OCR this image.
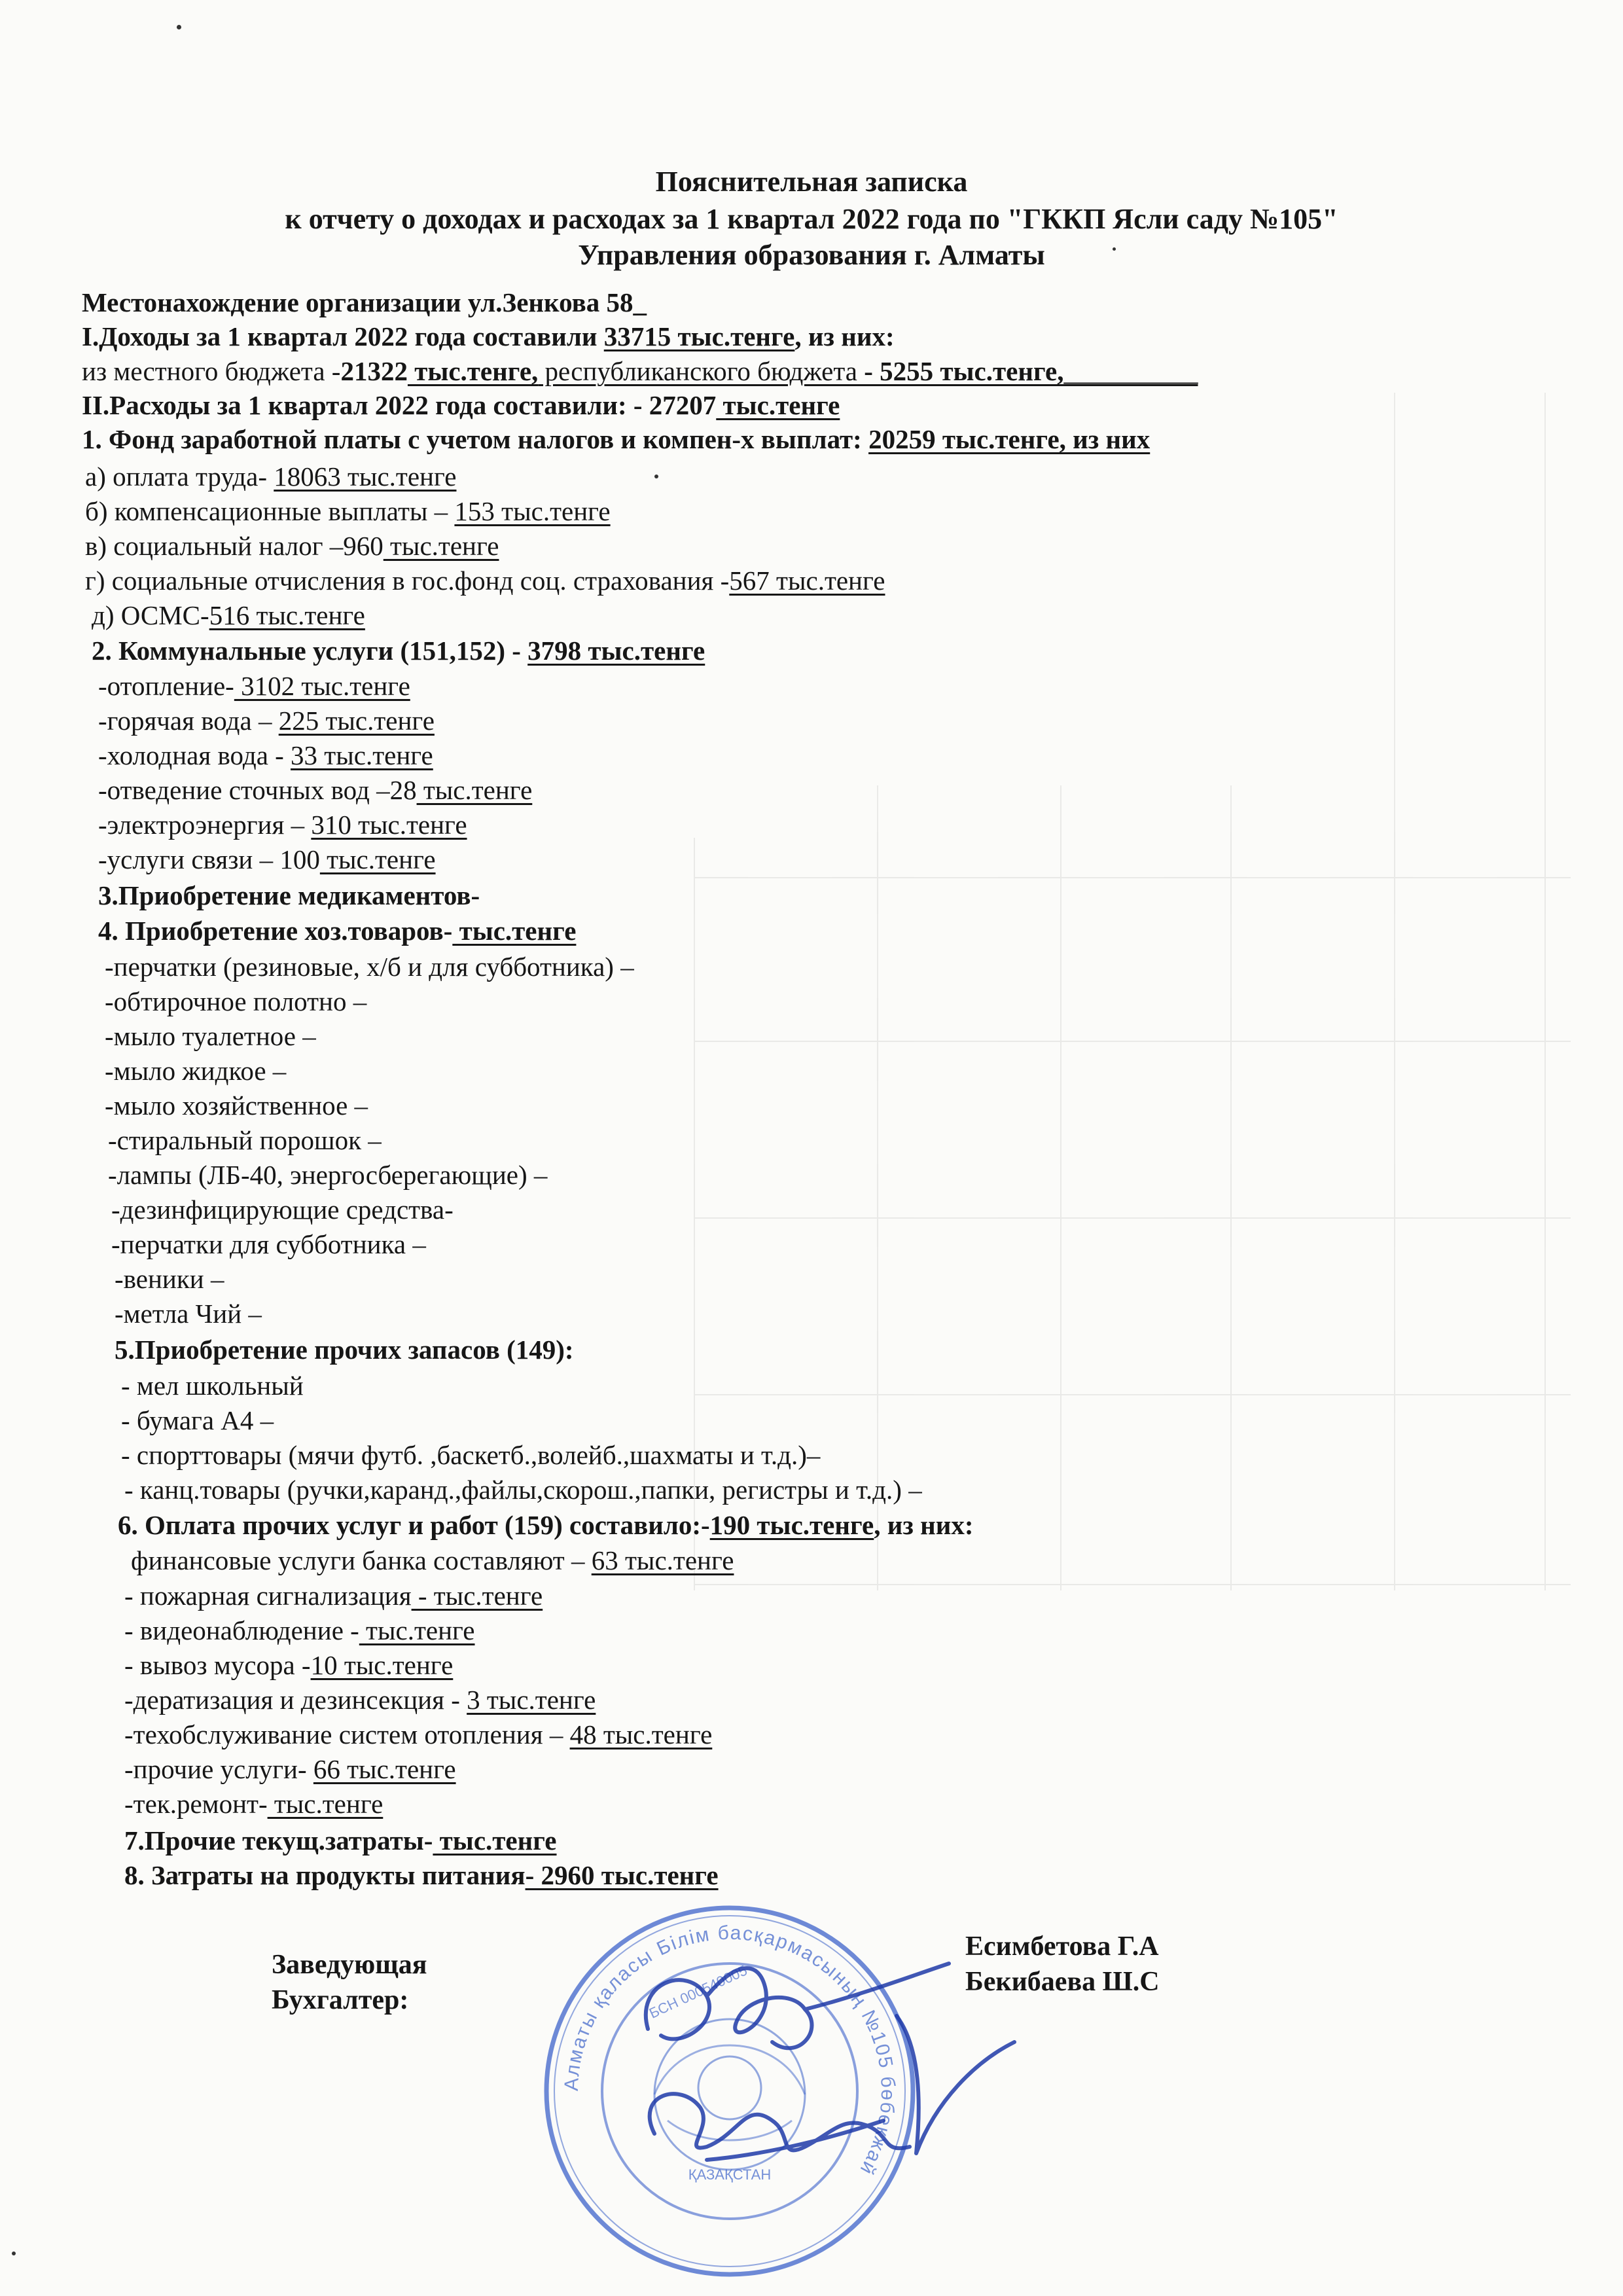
Пояснительная записка
к отчету о доходах и расходах за 1 квартал 2022 года по "ГККП Ясли саду №105"
Управления образования г. Алматы
Местонахождение организации ул.Зенкова 58_
I.Доходы за 1 квартал 2022 года составили 33715 тыс.тенге, из них:
из местного бюджета -21322 тыс.тенге, республиканского бюджета - 5255 тыс.тенге,__________
II.Расходы за 1 квартал 2022 года составили: - 27207 тыс.тенге
1. Фонд заработной платы с учетом налогов и компен-х выплат: 20259 тыс.тенге, из них
а) оплата труда- 18063 тыс.тенге
б) компенсационные выплаты – 153 тыс.тенге
в) социальный налог –960 тыс.тенге
г) социальные отчисления в гос.фонд соц. страхования -567 тыс.тенге
д) ОСМС-516 тыс.тенге
2. Коммунальные услуги (151,152) - 3798 тыс.тенге
-отопление- 3102 тыс.тенге
-горячая вода – 225 тыс.тенге
-холодная вода - 33 тыс.тенге
-отведение сточных вод –28 тыс.тенге
-электроэнергия – 310 тыс.тенге
-услуги связи – 100 тыс.тенге
3.Приобретение медикаментов-
4. Приобретение хоз.товаров- тыс.тенге
-перчатки (резиновые, х/б и для субботника) –
-обтирочное полотно –
-мыло туалетное –
-мыло жидкое –
-мыло хозяйственное –
-стиральный порошок –
-лампы (ЛБ-40, энергосберегающие) –
-дезинфицирующие средства-
-перчатки для субботника –
-веники –
-метла Чий –
5.Приобретение прочих запасов (149):
- мел школьный
- бумага А4 –
- спорттовары (мячи футб. ,баскетб.,волейб.,шахматы и т.д.)–
- канц.товары (ручки,каранд.,файлы,скорош.,папки, регистры и т.д.) –
6. Оплата прочих услуг и работ (159) составило:-190 тыс.тенге, из них:
финансовые услуги банка составляют – 63 тыс.тенге
- пожарная сигнализация - тыс.тенге
- видеонаблюдение - тыс.тенге
- вывоз мусора -10 тыс.тенге
-дератизация и дезинсекция - 3 тыс.тенге
-техобслуживание систем отопления – 48 тыс.тенге
-прочие услуги- 66 тыс.тенге
-тек.ремонт- тыс.тенге
7.Прочие текущ.затраты- тыс.тенге
8. Затраты на продукты питания- 2960 тыс.тенге
Заведующая
Бухгалтер:
Есимбетова Г.А
Бекибаева Ш.С
Алматы қаласы Білім басқармасының №105 бөбекжай
ҚАЗАҚСТАН
БСН 000540005
